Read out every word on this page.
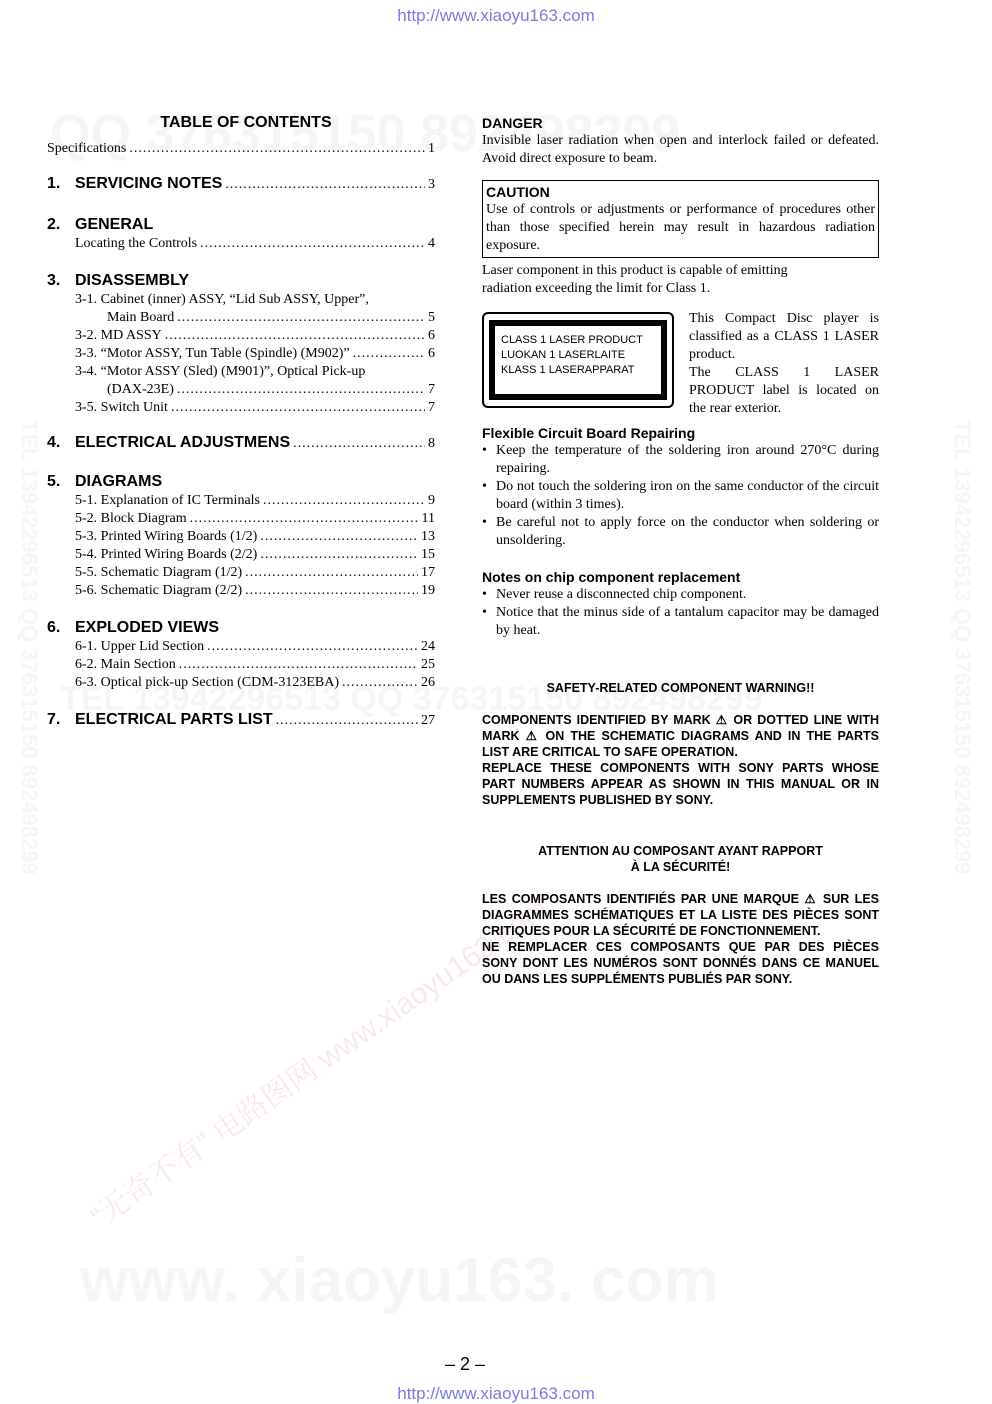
http://www.xiaoyu163.com
http://www.xiaoyu163.com
“无奇不有” 电路图网 www.xiaoyu163.com
TABLE OF CONTENTS
Specifications .....	1
1. SERVICING NOTES .....	3
2. GENERAL
Locating the Controls .....	4
3. DISASSEMBLY
3-1. Cabinet (inner) ASSY, “Lid Sub ASSY, Upper”,
Main Board .....	5
3-2. MD ASSY .....	6
3-3. “Motor ASSY, Tun Table (Spindle) (M902)” .....	6
3-4. “Motor ASSY (Sled) (M901)”, Optical Pick-up
(DAX-23E) .....	7
3-5. Switch Unit .....	7
4. ELECTRICAL ADJUSTMENS .....	8
5. DIAGRAMS
5-1. Explanation of IC Terminals .....	9
5-2. Block Diagram .....	11
5-3. Printed Wiring Boards (1/2) .....	13
5-4. Printed Wiring Boards (2/2) .....	15
5-5. Schematic Diagram (1/2) .....	17
5-6. Schematic Diagram (2/2) .....	19
6. EXPLODED VIEWS
6-1. Upper Lid Section .....	24
6-2. Main Section .....	25
6-3. Optical pick-up Section (CDM-3123EBA) .....	26
7. ELECTRICAL PARTS LIST .....	27
DANGER

Invisible laser radiation when open and interlock failed or defeated. Avoid direct exposure to beam.

CAUTION

Use of controls or adjustments or performance of procedures other than those specified herein may result in hazardous radiation exposure.

Laser component in this product is capable of emitting radiation exceeding the limit for Class 1.

CLASS 1 LASER PRODUCT
LUOKAN 1 LASERLAITE
KLASS 1 LASERAPPARAT

This Compact Disc player is classified as a CLASS 1 LASER product.

The CLASS 1 LASER PRODUCT label is located on the rear exterior.

Flexible Circuit Board Repairing
• Keep the temperature of the soldering iron around 270°C during repairing.
• Do not touch the soldering iron on the same conductor of the circuit board (within 3 times).
• Be careful not to apply force on the conductor when soldering or unsoldering.
Notes on chip component replacement
• Never reuse a disconnected chip component.
• Notice that the minus side of a tantalum capacitor may be damaged by heat.
SAFETY-RELATED COMPONENT WARNING!!
COMPONENTS IDENTIFIED BY MARK ⚠ OR DOTTED LINE WITH MARK ⚠ ON THE SCHEMATIC DIAGRAMS AND IN THE PARTS LIST ARE CRITICAL TO SAFE OPERATION.
REPLACE THESE COMPONENTS WITH SONY PARTS WHOSE PART NUMBERS APPEAR AS SHOWN IN THIS MANUAL OR IN SUPPLEMENTS PUBLISHED BY SONY.
ATTENTION AU COMPOSANT AYANT RAPPORT
À LA SÉCURITÉ!
LES COMPOSANTS IDENTIFIÉS PAR UNE MARQUE ⚠ SUR LES DIAGRAMMES SCHÉMATIQUES ET LA LISTE DES PIÈCES SONT CRITIQUES POUR LA SÉCURITÉ DE FONCTIONNEMENT.
NE REMPLACER CES COMPOSANTS QUE PAR DES PIÈCES SONY DONT LES NUMÉROS SONT DONNÉS DANS CE MANUEL OU DANS LES SUPPLÉMENTS PUBLIÉS PAR SONY.
– 2 –
